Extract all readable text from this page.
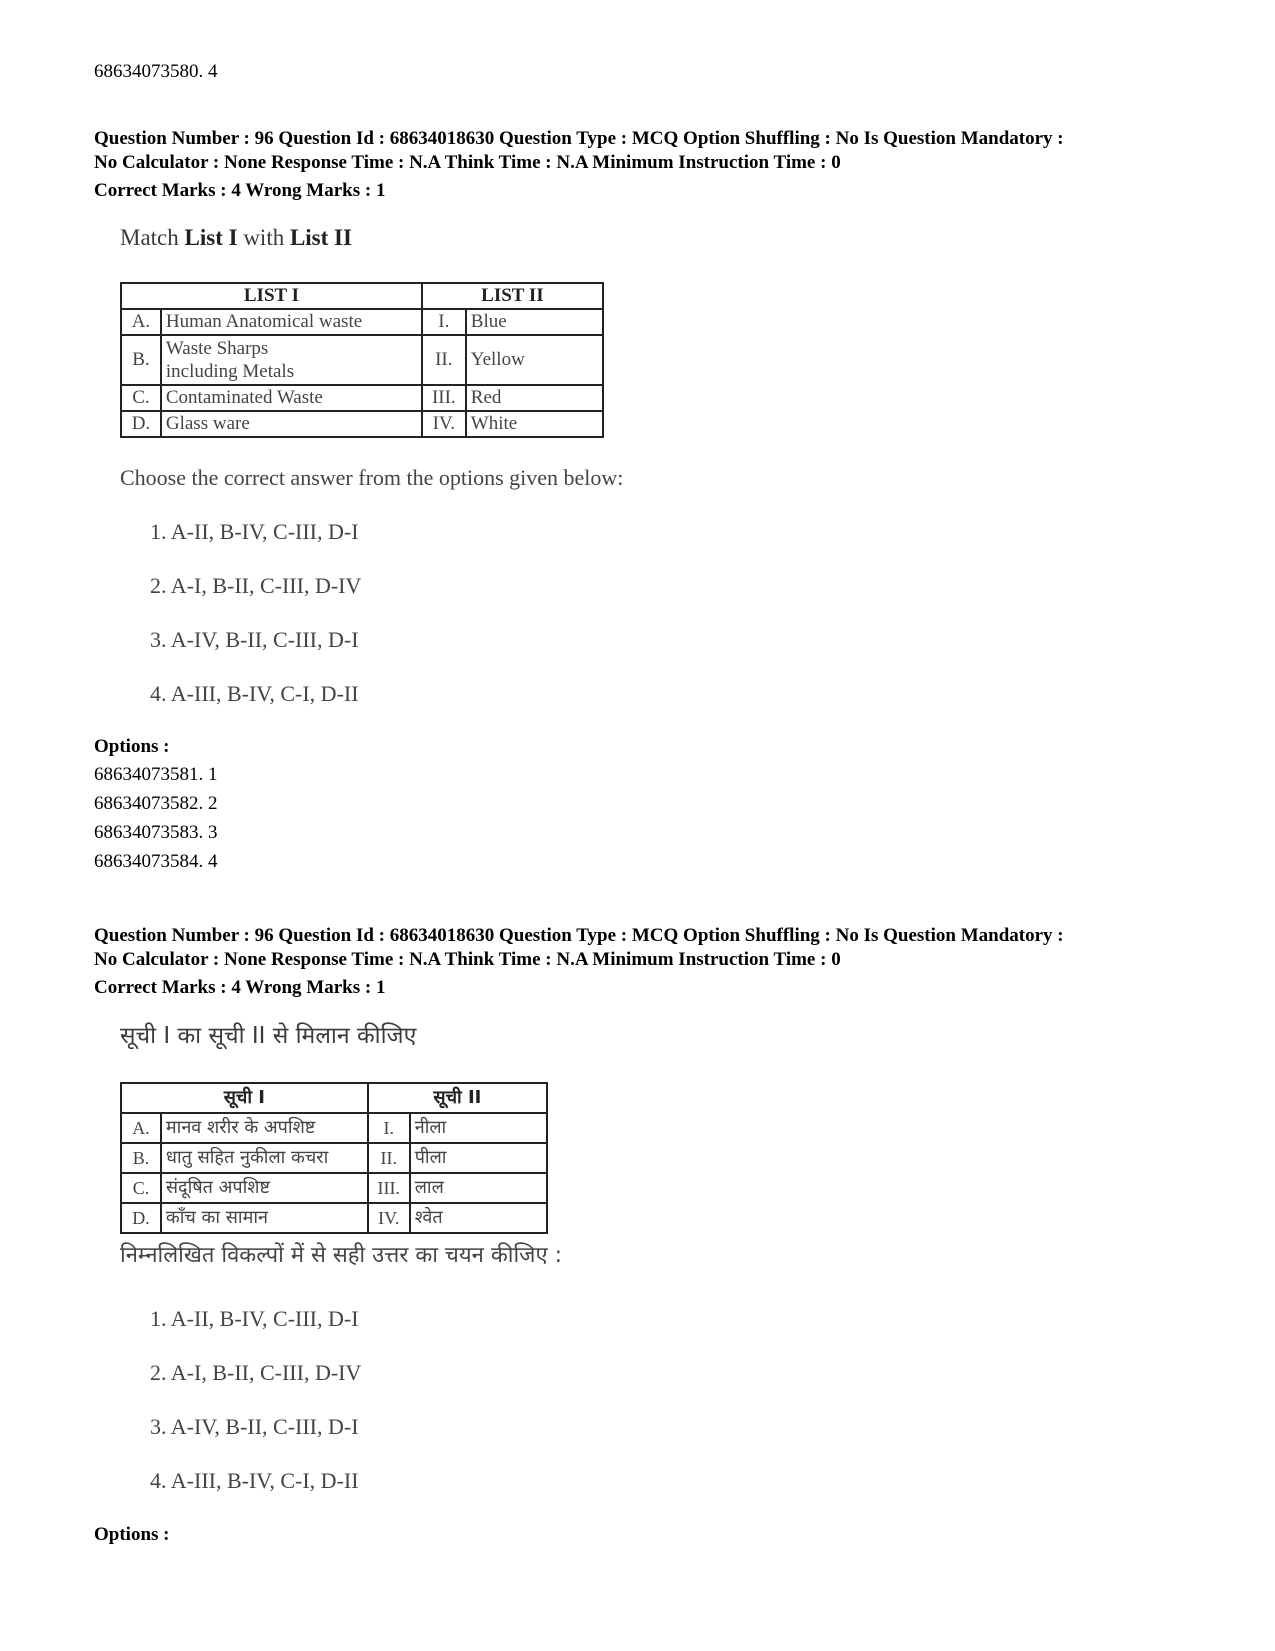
68634073580. 4
Question Number : 96 Question Id : 68634018630 Question Type : MCQ Option Shuffling : No Is Question Mandatory :
No Calculator : None Response Time : N.A Think Time : N.A Minimum Instruction Time : 0
Correct Marks : 4 Wrong Marks : 1
Match List I with List II
LIST I		LIST II	
A.	Human Anatomical waste	I.	Blue
B.	Waste Sharps including Metals	II.	Yellow
C.	Contaminated Waste	III.	Red
D.	Glass ware	IV.	White
Choose the correct answer from the options given below:
1. A-II, B-IV, C-III, D-I
2. A-I, B-II, C-III, D-IV
3. A-IV, B-II, C-III, D-I
4. A-III, B-IV, C-I, D-II
Options :
68634073581. 1
68634073582. 2
68634073583. 3
68634073584. 4
Question Number : 96 Question Id : 68634018630 Question Type : MCQ Option Shuffling : No Is Question Mandatory :
No Calculator : None Response Time : N.A Think Time : N.A Minimum Instruction Time : 0
Correct Marks : 4 Wrong Marks : 1
सूची I का सूची II से मिलान कीजिए
सूची I		सूची II	
A.	मानव शरीर के अपशिष्ट	I.	नीला
B.	धातु सहित नुकीला कचरा	II.	पीला
C.	संदूषित अपशिष्ट	III.	लाल
D.	काँच का सामान	IV.	श्वेत
निम्नलिखित विकल्पों में से सही उत्तर का चयन कीजिए :
1. A-II, B-IV, C-III, D-I
2. A-I, B-II, C-III, D-IV
3. A-IV, B-II, C-III, D-I
4. A-III, B-IV, C-I, D-II
Options :
